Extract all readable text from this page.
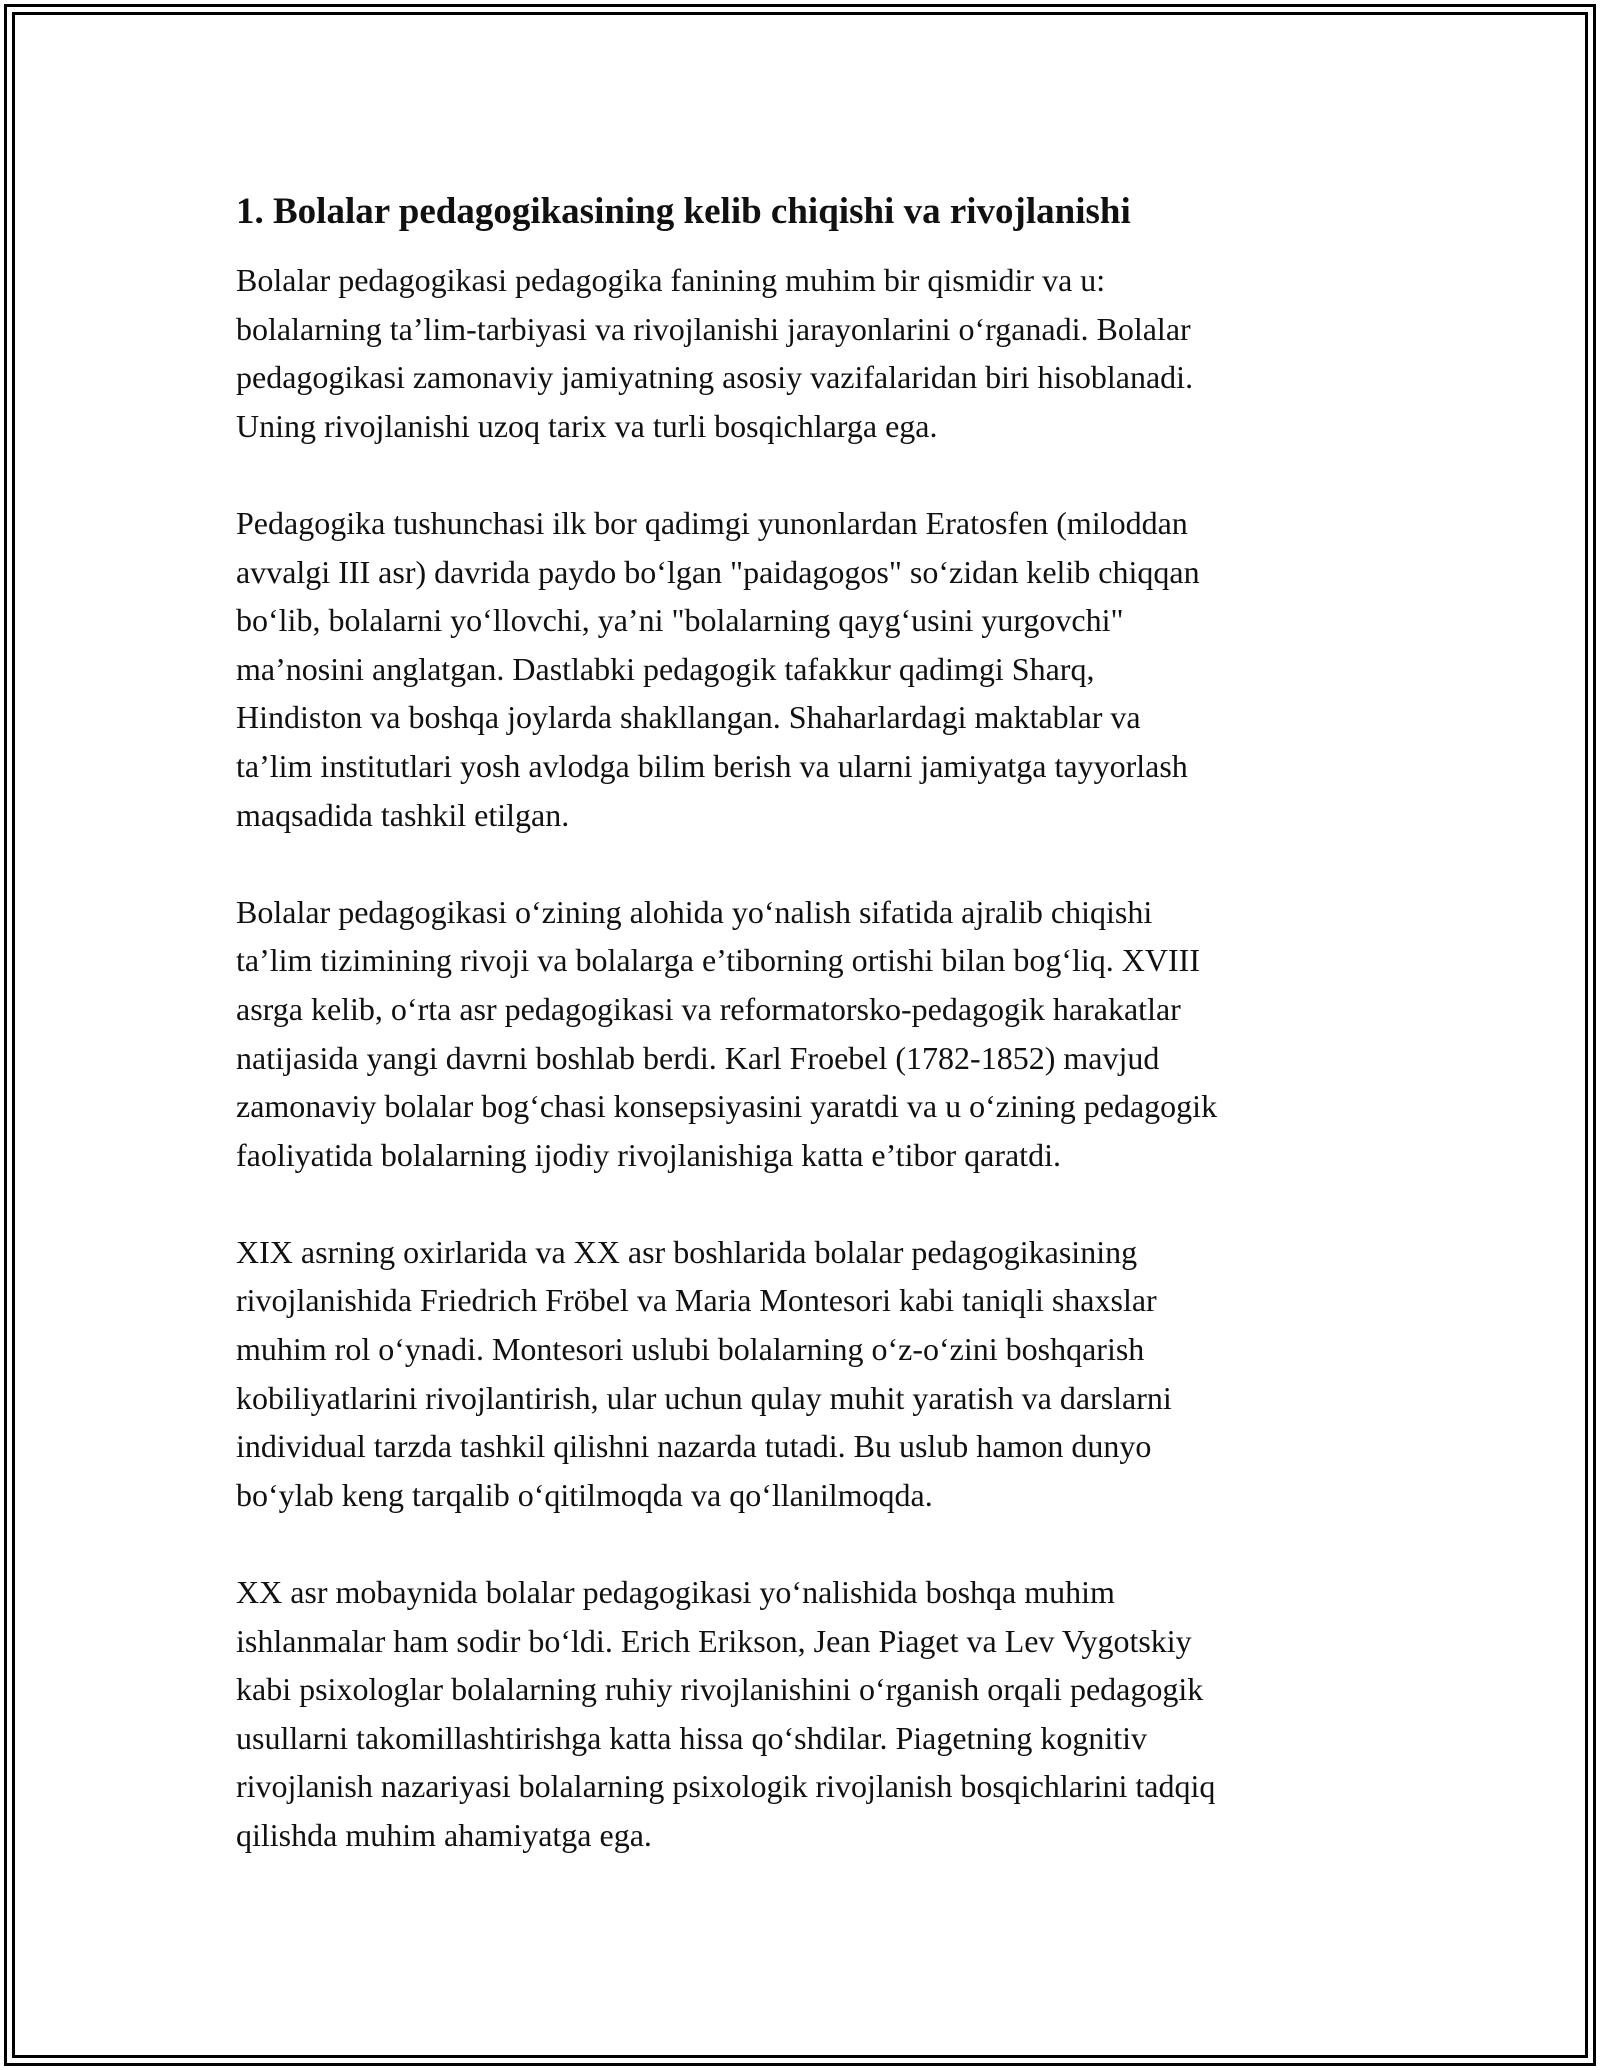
1. Bolalar pedagogikasining kelib chiqishi va rivojlanishi

Bolalar pedagogikasi pedagogika fanining muhim bir qismidir va u:
bolalarning ta’lim-tarbiyasi va rivojlanishi jarayonlarini o‘rganadi. Bolalar
pedagogikasi zamonaviy jamiyatning asosiy vazifalaridan biri hisoblanadi.
Uning rivojlanishi uzoq tarix va turli bosqichlarga ega.

Pedagogika tushunchasi ilk bor qadimgi yunonlardan Eratosfen (miloddan
avvalgi III asr) davrida paydo bo‘lgan "paidagogos" so‘zidan kelib chiqqan
bo‘lib, bolalarni yo‘llovchi, ya’ni "bolalarning qayg‘usini yurgovchi"
ma’nosini anglatgan. Dastlabki pedagogik tafakkur qadimgi Sharq,
Hindiston va boshqa joylarda shakllangan. Shaharlardagi maktablar va
ta’lim institutlari yosh avlodga bilim berish va ularni jamiyatga tayyorlash
maqsadida tashkil etilgan.

Bolalar pedagogikasi o‘zining alohida yo‘nalish sifatida ajralib chiqishi
ta’lim tizimining rivoji va bolalarga e’tiborning ortishi bilan bog‘liq. XVIII
asrga kelib, o‘rta asr pedagogikasi va reformatorsko-pedagogik harakatlar
natijasida yangi davrni boshlab berdi. Karl Froebel (1782-1852) mavjud
zamonaviy bolalar bog‘chasi konsepsiyasini yaratdi va u o‘zining pedagogik
faoliyatida bolalarning ijodiy rivojlanishiga katta e’tibor qaratdi.

XIX asrning oxirlarida va XX asr boshlarida bolalar pedagogikasining
rivojlanishida Friedrich Fröbel va Maria Montesori kabi taniqli shaxslar
muhim rol o‘ynadi. Montesori uslubi bolalarning o‘z-o‘zini boshqarish
kobiliyatlarini rivojlantirish, ular uchun qulay muhit yaratish va darslarni
individual tarzda tashkil qilishni nazarda tutadi. Bu uslub hamon dunyo
bo‘ylab keng tarqalib o‘qitilmoqda va qo‘llanilmoqda.

XX asr mobaynida bolalar pedagogikasi yo‘nalishida boshqa muhim
ishlanmalar ham sodir bo‘ldi. Erich Erikson, Jean Piaget va Lev Vygotskiy
kabi psixologlar bolalarning ruhiy rivojlanishini o‘rganish orqali pedagogik
usullarni takomillashtirishga katta hissa qo‘shdilar. Piagetning kognitiv
rivojlanish nazariyasi bolalarning psixologik rivojlanish bosqichlarini tadqiq
qilishda muhim ahamiyatga ega.
